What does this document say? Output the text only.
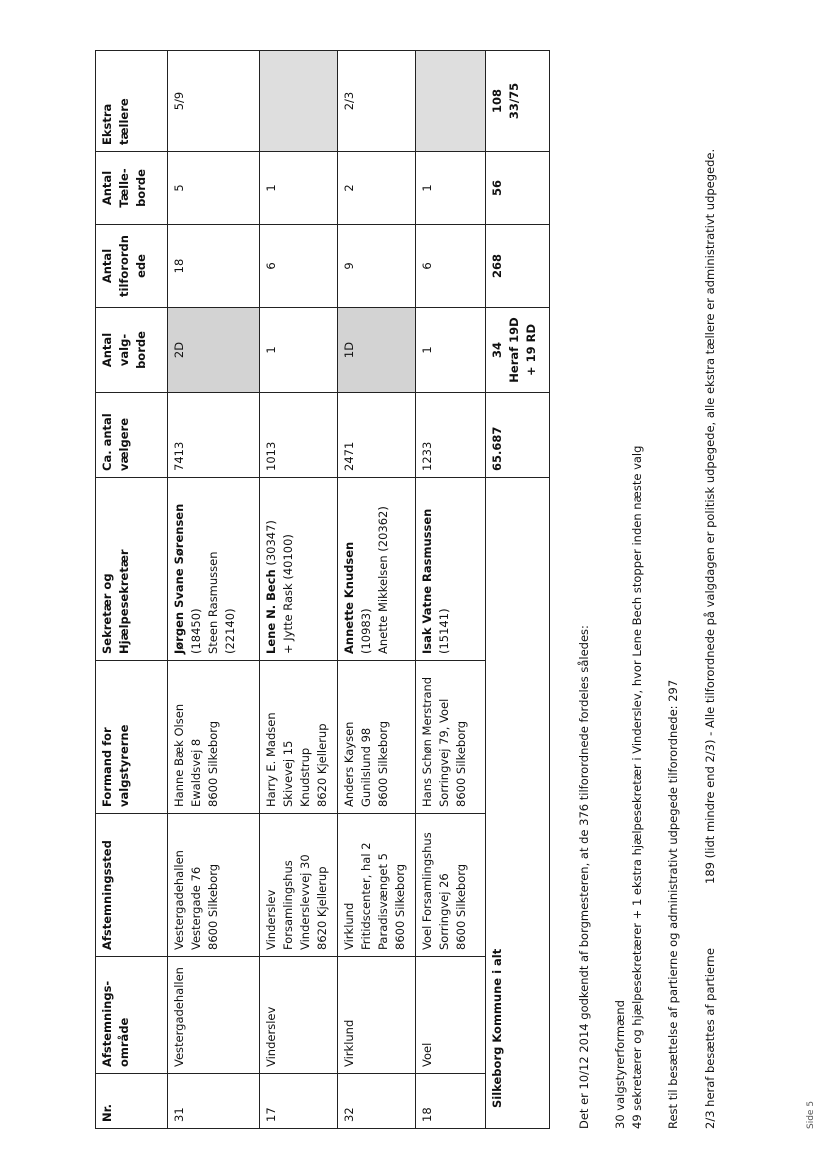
Nr.	Afstemnings- område	Afstemningssted	Formand for valgstyrerne	Sekretær og Hjælpesekretær	Ca. antal vælgere	Antal valg- borde	Antal tilforordn ede	Antal Tælle- borde	Ekstra tællere

31	Vestergadehallen	Vestergadehallen Vestergade 76 8600 Silkeborg	Hanne Bæk Olsen Ewaldsvej 8 8600 Silkeborg	Jørgen Svane Sørensen (18450) Steen Rasmussen (22140)	7413	2D	18	5	5/9
17	Vinderslev	Vinderslev Forsamlingshus Vinderslevvej 30 8620 Kjellerup	Harry E. Madsen Skivevej 15 Knudstrup 8620 Kjellerup	Lene N. Bech (30347) + Jytte Rask (40100)	1013	1	6	1	
32	Virklund	Virklund Fritidscenter, hal 2 Paradisvænget 5 8600 Silkeborg	Anders Kaysen Gunilslund 98 8600 Silkeborg	Annette Knudsen (10983) Anette Mikkelsen (20362)	2471	1D	9	2	2/3
18	Voel	Voel Forsamlingshus Sorringvej 26 8600 Silkeborg	Hans Schøn Merstrand Sorringvej 79, Voel 8600 Silkeborg	Isak Vatne Rasmussen (15141)	1233	1	6	1	
Silkeborg Kommune i alt					65.687	34 Heraf 19D + 19 RD	268	56	108 33/75
Det er 10/12 2014 godkendt af borgmesteren, at de 376 tilforordnede fordeles således: 30 valgstyrerformænd 49 sekretærer og hjælpesekretærer + 1 ekstra hjælpesekretær i Vinderslev, hvor Lene Bech stopper inden næste valg Rest til besættelse af partierne og administrativt udpegede tilforordnede: 297 2/3 heraf besættes af partierne
189 (lidt mindre end 2/3) - Alle tilforordnede på valgdagen er politisk udpegede, alle ekstra tællere er administrativt udpegede.
Side 5
